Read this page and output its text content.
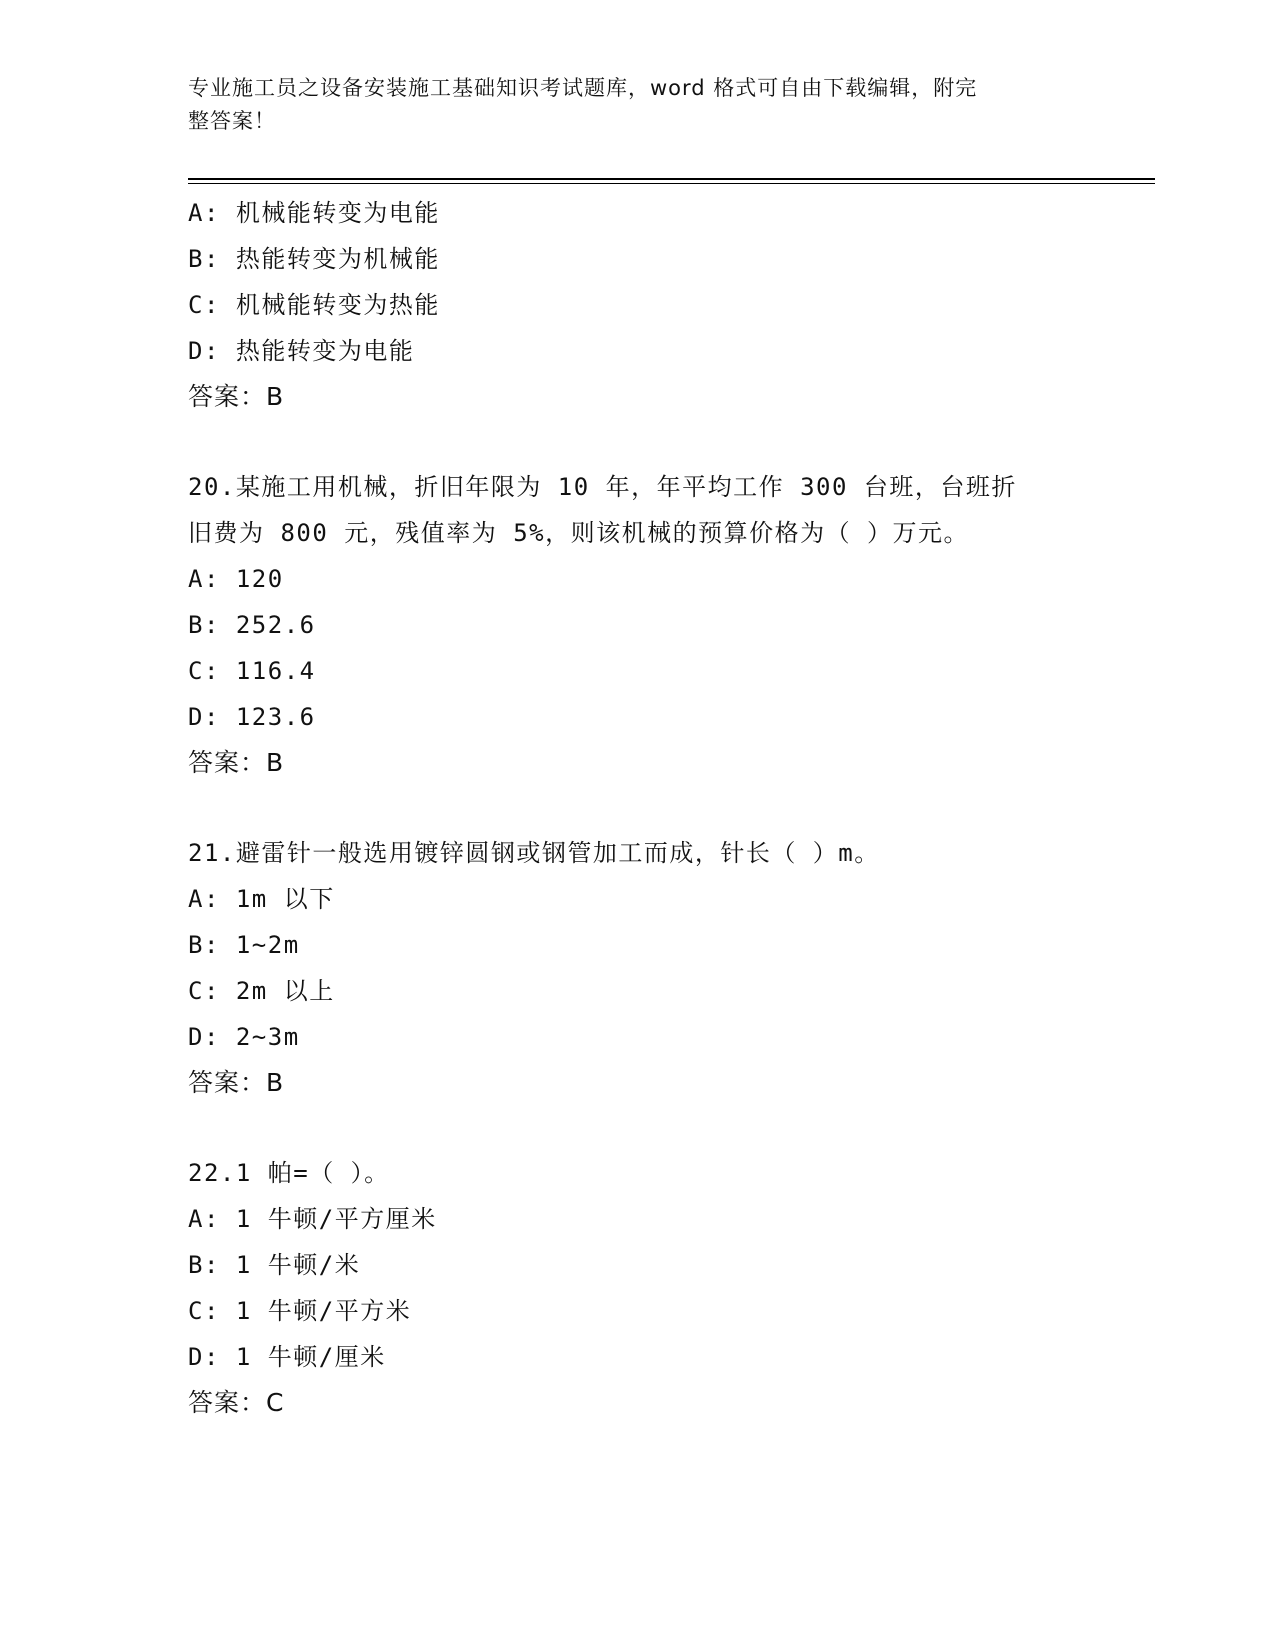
专业施工员之设备安装施工基础知识考试题库，word 格式可自由下载编辑，附完
整答案！
A: 机械能转变为电能
B: 热能转变为机械能
C: 机械能转变为热能
D: 热能转变为电能
答案：B
20.某施工用机械，折旧年限为 10 年，年平均工作 300 台班，台班折
旧费为 800 元，残值率为 5%，则该机械的预算价格为（ ）万元。
A: 120
B: 252.6
C: 116.4
D: 123.6
答案：B
21.避雷针一般选用镀锌圆钢或钢管加工而成，针长（ ）m。
A: 1m 以下
B: 1~2m
C: 2m 以上
D: 2~3m
答案：B
22.1 帕=（ ）。
A: 1 牛顿/平方厘米
B: 1 牛顿/米
C: 1 牛顿/平方米
D: 1 牛顿/厘米
答案：C
